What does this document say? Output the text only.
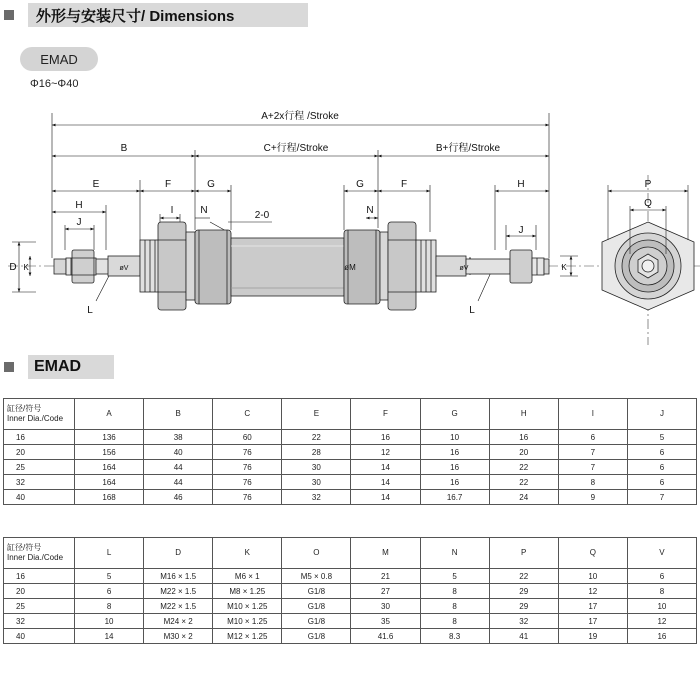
外形与安装尺寸/ Dimensions
EMAD
Φ16~Φ40
A+2x行程 /Stroke
B	C+行程/Stroke	B+行程/Stroke
E	F	G	G	F	H
H
J
J
I	N	N
2-0
D K	K
øV	øV
øM
L	L
P
Q
EMAD
缸径/符号
Inner Dia./Code	A	B	C	E	F	G	H	I	J
16	136	38	60	22	16	10	16	6	5
20	156	40	76	28	12	16	20	7	6
25	164	44	76	30	14	16	22	7	6
32	164	44	76	30	14	16	22	8	6
40	168	46	76	32	14	16.7	24	9	7
缸径/符号
Inner Dia./Code	L	D	K	O	M	N	P	Q	V
16	5	M16 × 1.5	M6 × 1	M5 × 0.8	21	5	22	10	6
20	6	M22 × 1.5	M8 × 1.25	G1/8	27	8	29	12	8
25	8	M22 × 1.5	M10 × 1.25	G1/8	30	8	29	17	10
32	10	M24 × 2	M10 × 1.25	G1/8	35	8	32	17	12
40	14	M30 × 2	M12 × 1.25	G1/8	41.6	8.3	41	19	16
